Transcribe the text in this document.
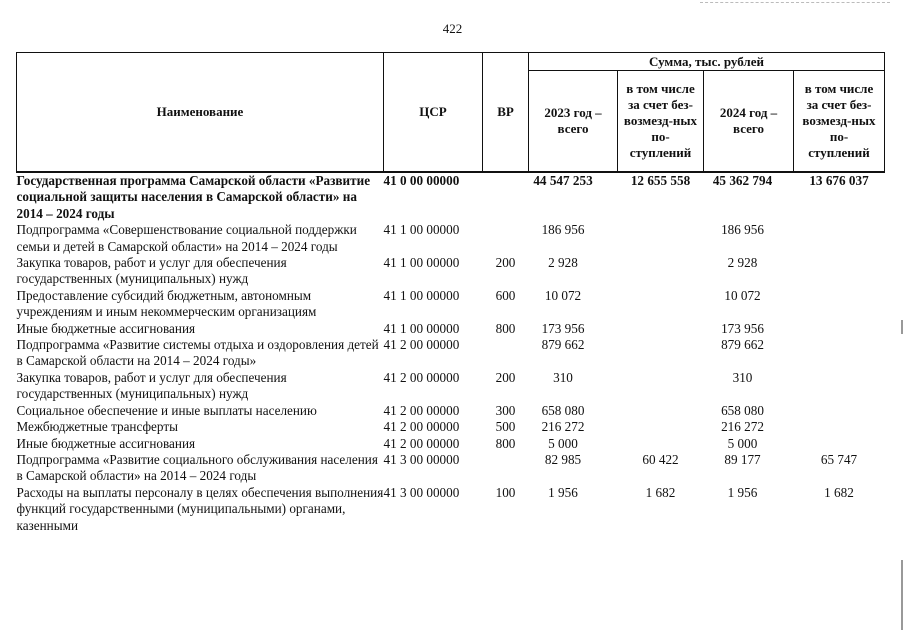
422
Наименование	ЦСР	ВР	Сумма, тыс. рублей			
			2023 год – всего	в том числе за счет без-возмезд-ных по-ступлений	2024 год – всего	в том числе за счет без-возмезд-ных по-ступлений

Государственная программа Самарской области «Развитие социальной защиты населения в Самарской области» на 2014 – 2024 годы	41 0 00 00000		44 547 253	12 655 558	45 362 794	13 676 037
Подпрограмма «Совершенствование социальной поддержки семьи и детей в Самарской области» на 2014 – 2024 годы	41 1 00 00000		186 956		186 956	
Закупка товаров, работ и услуг для обеспечения государственных (муниципальных) нужд	41 1 00 00000	200	2 928		2 928	
Предоставление субсидий бюджетным, автономным учреждениям и иным некоммерческим организациям	41 1 00 00000	600	10 072		10 072	
Иные бюджетные ассигнования	41 1 00 00000	800	173 956		173 956	
Подпрограмма «Развитие системы отдыха и оздоровления детей в Самарской области на 2014 – 2024 годы»	41 2 00 00000		879 662		879 662	
Закупка товаров, работ и услуг для обеспечения государственных (муниципальных) нужд	41 2 00 00000	200	310		310	
Социальное обеспечение и иные выплаты населению	41 2 00 00000	300	658 080		658 080	
Межбюджетные трансферты	41 2 00 00000	500	216 272		216 272	
Иные бюджетные ассигнования	41 2 00 00000	800	5 000		5 000	
Подпрограмма «Развитие социального обслуживания населения в Самарской области» на 2014 – 2024 годы	41 3 00 00000		82 985	60 422	89 177	65 747
Расходы на выплаты персоналу в целях обеспечения выполнения функций государственными (муниципальными) органами, казенными	41 3 00 00000	100	1 956	1 682	1 956	1 682
